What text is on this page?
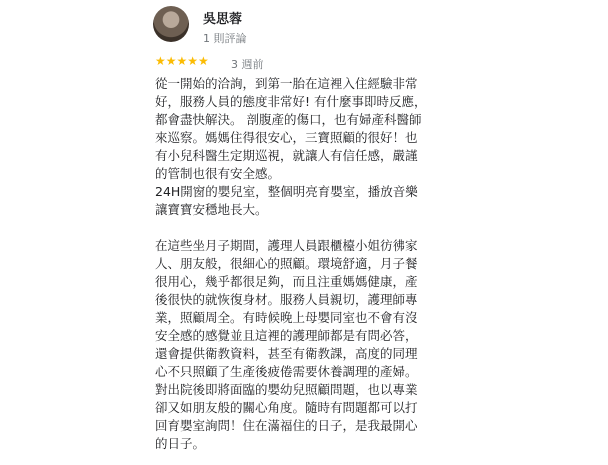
吳思蓉
1 則評論
★★★★★ 3 週前

從一開始的洽詢，到第一胎在這裡入住經驗非常

好，服務人員的態度非常好! 有什麼事即時反應，

都會盡快解決。 剖腹產的傷口，也有婦產科醫師

來巡察。媽媽住得很安心，三寶照顧的很好！也

有小兒科醫生定期巡視，就讓人有信任感，嚴謹

的管制也很有安全感。

24H開窗的嬰兒室，整個明亮育嬰室，播放音樂

讓寶寶安穩地長大。

在這些坐月子期間，護理人員跟櫃檯小姐彷彿家

人、朋友般，很細心的照顧。環境舒適，月子餐

很用心，幾乎都很足夠，而且注重媽媽健康，產

後很快的就恢復身材。服務人員親切，護理師專

業，照顧周全。有時候晚上母嬰同室也不會有沒

安全感的感覺並且這裡的護理師都是有問必答，

還會提供衛教資料，甚至有衛教課，高度的同理

心不只照顧了生產後疲倦需要休養調理的產婦。

對出院後即將面臨的嬰幼兒照顧問題，也以專業

卻又如朋友般的關心角度。隨時有問題都可以打

回育嬰室詢問！住在滿福住的日子，是我最開心

的日子。
